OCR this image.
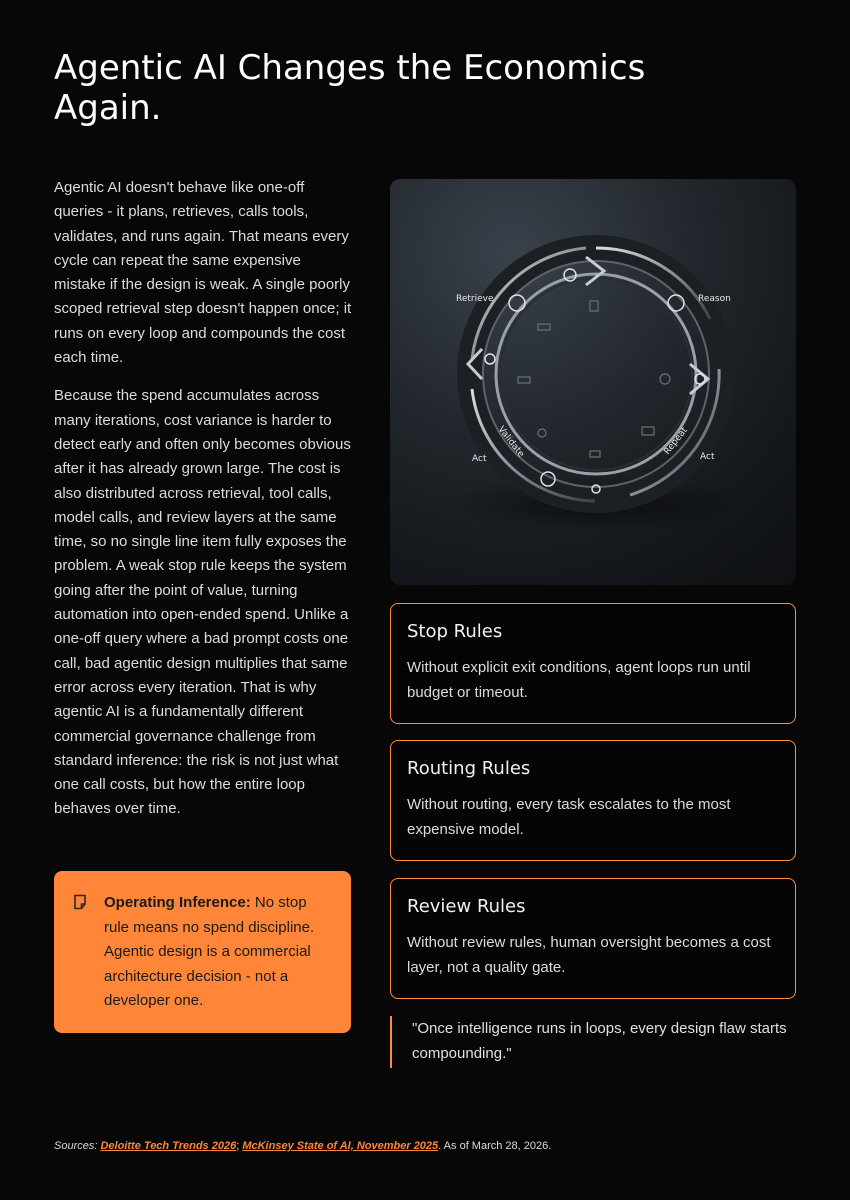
Agentic AI Changes the Economics
Again.

Agentic AI doesn't behave like one-off queries - it plans, retrieves, calls tools, validates, and runs again. That means every cycle can repeat the same expensive mistake if the design is weak. A single poorly scoped retrieval step doesn't happen once; it runs on every loop and compounds the cost each time.

Because the spend accumulates across many iterations, cost variance is harder to detect early and often only becomes obvious after it has already grown large. The cost is also distributed across retrieval, tool calls, model calls, and review layers at the same time, so no single line item fully exposes the problem. A weak stop rule keeps the system going after the point of value, turning automation into open-ended spend. Unlike a one-off query where a bad prompt costs one call, bad agentic design multiplies that same error across every iteration. That is why agentic AI is a fundamentally different commercial governance challenge from standard inference: the risk is not just what one call costs, but how the entire loop behaves over time.

Operating Inference: No stop rule means no spend discipline. Agentic design is a commercial architecture decision - not a developer one.
Retrieve	Reason
Act	Act
Validate	Repeat
Stop Rules

Without explicit exit conditions, agent loops run until budget or timeout.

Routing Rules

Without routing, every task escalates to the most expensive model.

Review Rules

Without review rules, human oversight becomes a cost layer, not a quality gate.

"Once intelligence runs in loops, every design flaw starts compounding."
Sources: Deloitte Tech Trends 2026; McKinsey State of AI, November 2025. As of March 28, 2026.
